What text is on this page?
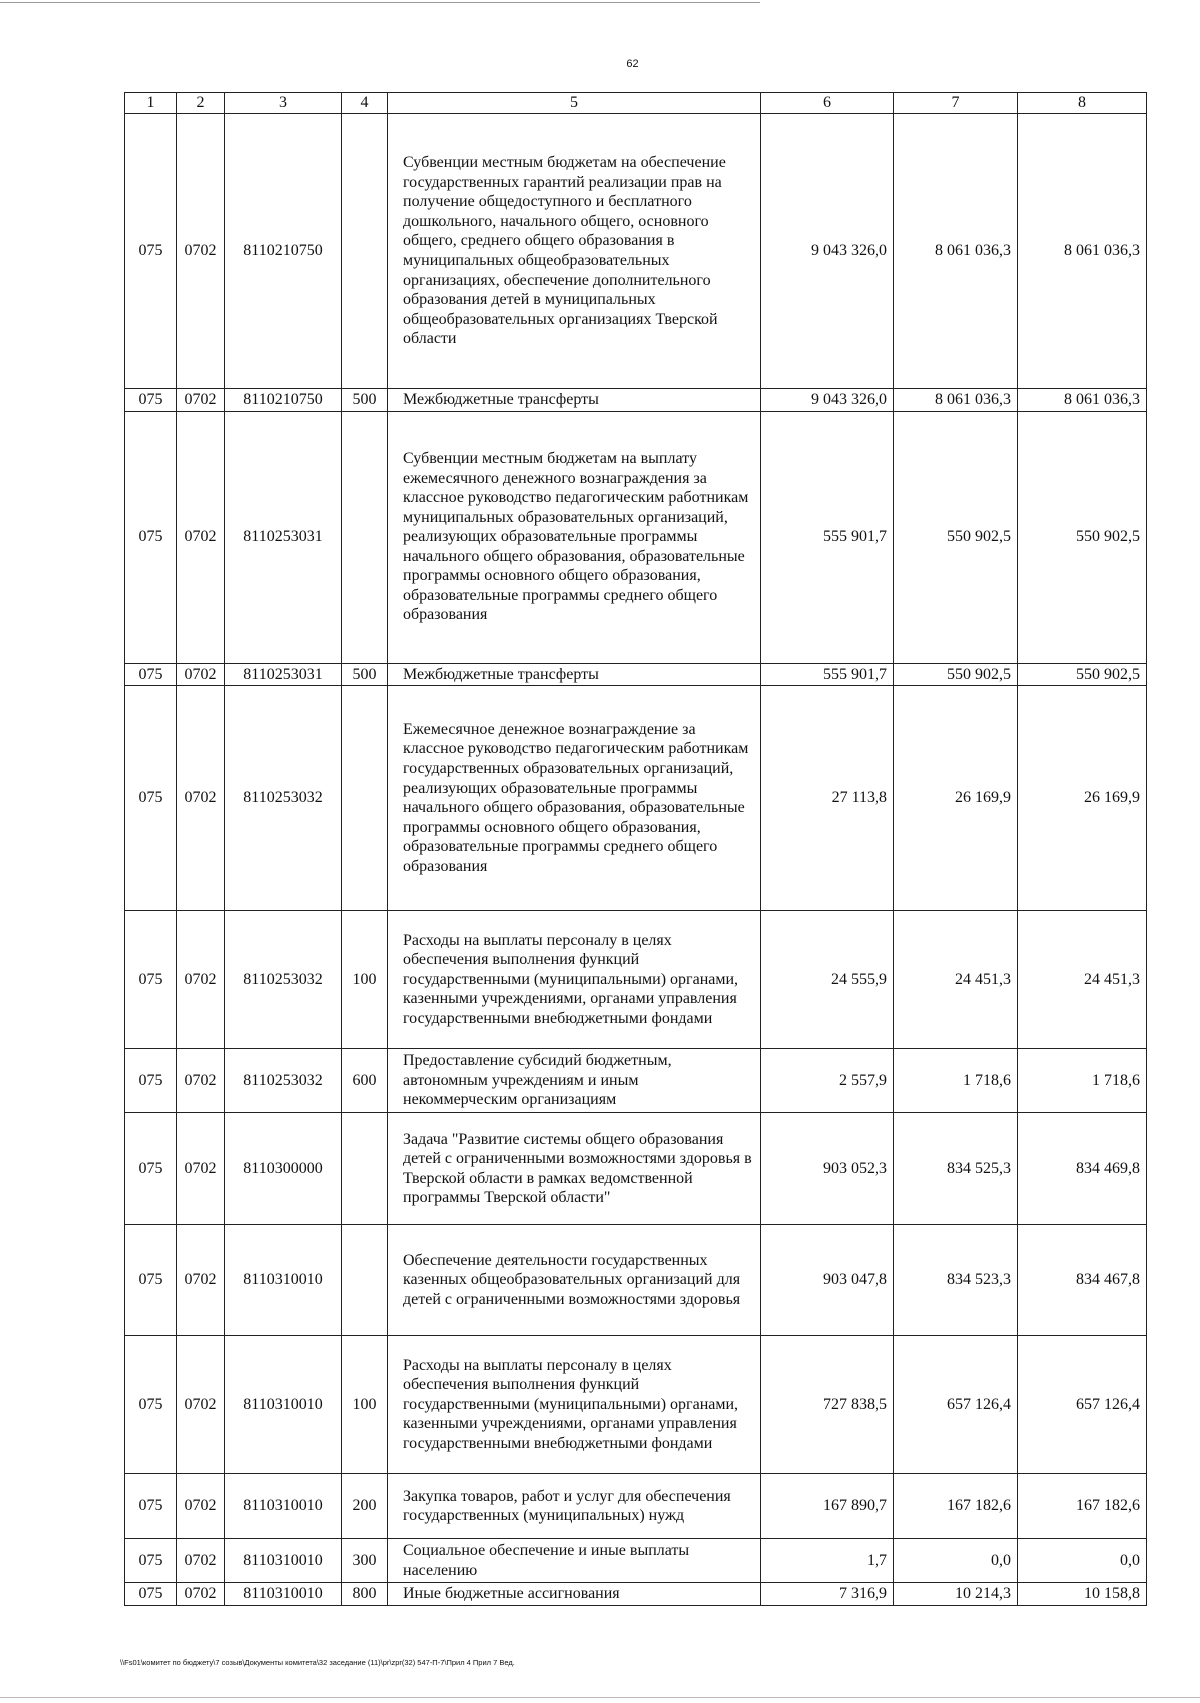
62
1	2	3	4	5	6	7	8
075	0702	8110210750		Субвенции местным бюджетам на обеспечение государственных гарантий реализации прав на получение общедоступного и бесплатного дошкольного, начального общего, основного общего, среднего общего образования в муниципальных общеобразовательных организациях, обеспечение дополнительного образования детей в муниципальных общеобразовательных организациях Тверской области	9 043 326,0	8 061 036,3	8 061 036,3
075	0702	8110210750	500	Межбюджетные трансферты	9 043 326,0	8 061 036,3	8 061 036,3
075	0702	8110253031		Субвенции местным бюджетам на выплату ежемесячного денежного вознаграждения за классное руководство педагогическим работникам муниципальных образовательных организаций, реализующих образовательные программы начального общего образования, образовательные программы основного общего образования, образовательные программы среднего общего образования	555 901,7	550 902,5	550 902,5
075	0702	8110253031	500	Межбюджетные трансферты	555 901,7	550 902,5	550 902,5
075	0702	8110253032		Ежемесячное денежное вознаграждение за классное руководство педагогическим работникам государственных образовательных организаций, реализующих образовательные программы начального общего образования, образовательные программы основного общего образования, образовательные программы среднего общего образования	27 113,8	26 169,9	26 169,9
075	0702	8110253032	100	Расходы на выплаты персоналу в целях обеспечения выполнения функций государственными (муниципальными) органами, казенными учреждениями, органами управления государственными внебюджетными фондами	24 555,9	24 451,3	24 451,3
075	0702	8110253032	600	Предоставление субсидий бюджетным, автономным учреждениям и иным некоммерческим организациям	2 557,9	1 718,6	1 718,6
075	0702	8110300000		Задача "Развитие системы общего образования детей с ограниченными возможностями здоровья в Тверской области в рамках ведомственной программы Тверской области"	903 052,3	834 525,3	834 469,8
075	0702	8110310010		Обеспечение деятельности государственных казенных общеобразовательных организаций для детей с ограниченными возможностями здоровья	903 047,8	834 523,3	834 467,8
075	0702	8110310010	100	Расходы на выплаты персоналу в целях обеспечения выполнения функций государственными (муниципальными) органами, казенными учреждениями, органами управления государственными внебюджетными фондами	727 838,5	657 126,4	657 126,4
075	0702	8110310010	200	Закупка товаров, работ и услуг для обеспечения государственных (муниципальных) нужд	167 890,7	167 182,6	167 182,6
075	0702	8110310010	300	Социальное обеспечение и иные выплаты населению	1,7	0,0	0,0
075	0702	8110310010	800	Иные бюджетные ассигнования	7 316,9	10 214,3	10 158,8
\\Fs01\комитет по бюджету\7 созыв\Документы комитета\32 заседание (11)\pr\zpr(32) 547-П-7\Прил 4 Прил 7 Вед.
